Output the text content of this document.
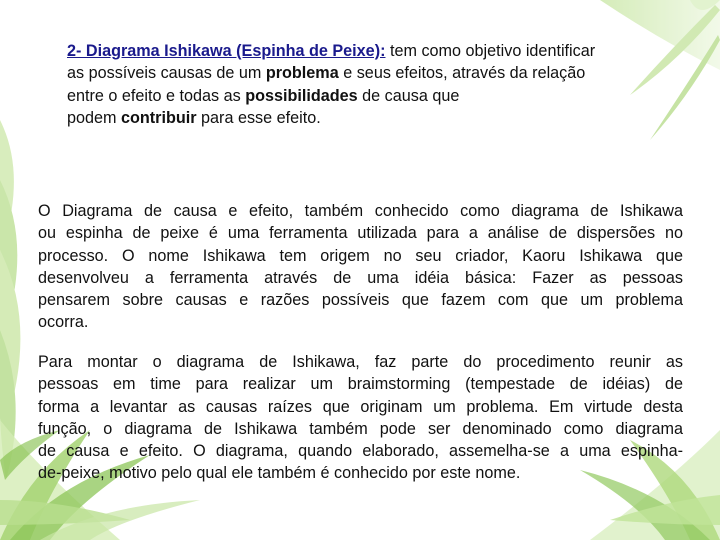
2- Diagrama Ishikawa (Espinha de Peixe): tem como objetivo identificar
as possíveis causas de um problema e seus efeitos, através da relação
entre o efeito e todas as possibilidades de causa que
podem contribuir para esse efeito.
O Diagrama de causa e efeito, também conhecido como diagrama de Ishikawa
ou espinha de peixe é uma ferramenta utilizada para a análise de dispersões no
processo. O nome Ishikawa tem origem no seu criador, Kaoru Ishikawa que
desenvolveu a ferramenta através de uma idéia básica: Fazer as pessoas
pensarem sobre causas e razões possíveis que fazem com que um problema
ocorra.
Para montar o diagrama de Ishikawa, faz parte do procedimento reunir as
pessoas em time para realizar um braimstorming (tempestade de idéias) de
forma a levantar as causas raízes que originam um problema. Em virtude desta
função, o diagrama de Ishikawa também pode ser denominado como diagrama
de causa e efeito. O diagrama, quando elaborado, assemelha-se a uma espinha-
de-peixe, motivo pelo qual ele também é conhecido por este nome.
